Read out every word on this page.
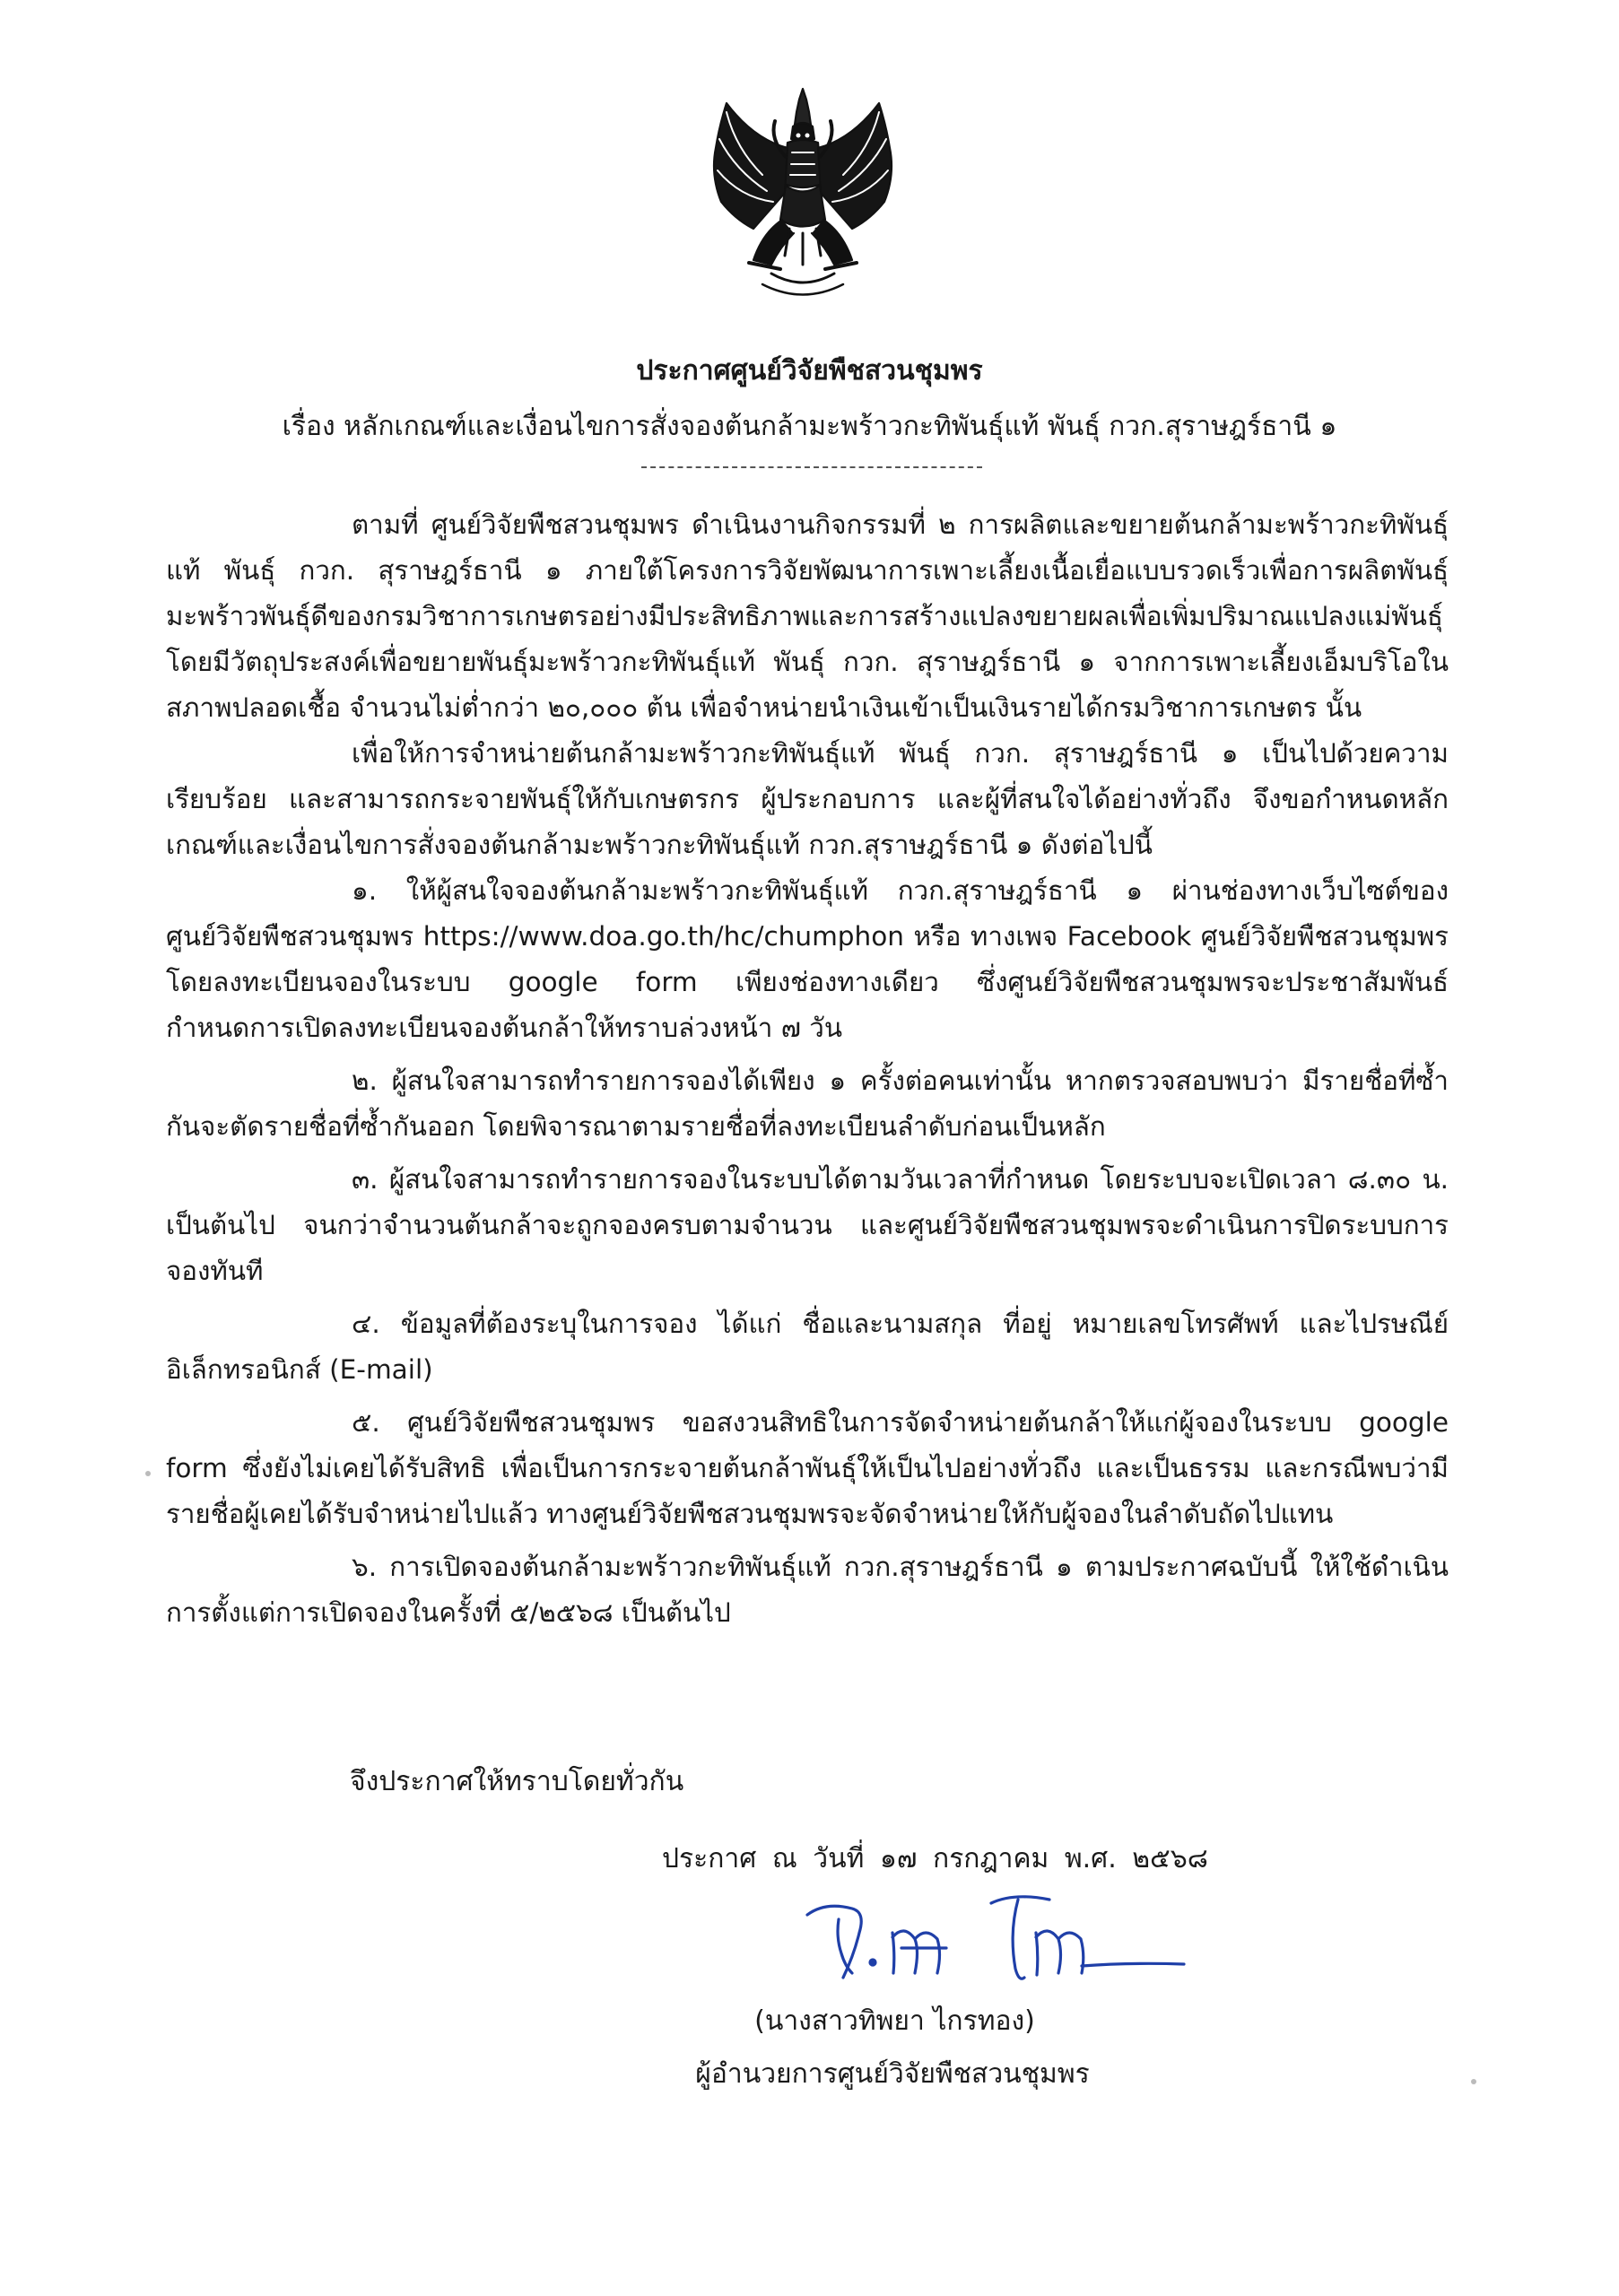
ประกาศศูนย์วิจัยพืชสวนชุมพร
เรื่อง หลักเกณฑ์และเงื่อนไขการสั่งจองต้นกล้ามะพร้าวกะทิพันธุ์แท้ พันธุ์ กวก.สุราษฎร์ธานี ๑

ตามที่ ศูนย์วิจัยพืชสวนชุมพร ดำเนินงานกิจกรรมที่ ๒ การผลิตและขยายต้นกล้ามะพร้าวกะทิพันธุ์แท้ พันธุ์ กวก. สุราษฎร์ธานี ๑ ภายใต้โครงการวิจัยพัฒนาการเพาะเลี้ยงเนื้อเยื่อแบบรวดเร็วเพื่อการผลิตพันธุ์มะพร้าวพันธุ์ดีของกรมวิชาการเกษตรอย่างมีประสิทธิภาพและการสร้างแปลงขยายผลเพื่อเพิ่มปริมาณแปลงแม่พันธุ์ โดยมีวัตถุประสงค์เพื่อขยายพันธุ์มะพร้าวกะทิพันธุ์แท้ พันธุ์ กวก. สุราษฎร์ธานี ๑ จากการเพาะเลี้ยงเอ็มบริโอในสภาพปลอดเชื้อ จำนวนไม่ต่ำกว่า ๒๐,๐๐๐ ต้น เพื่อจำหน่ายนำเงินเข้าเป็นเงินรายได้กรมวิชาการเกษตร นั้น

เพื่อให้การจำหน่ายต้นกล้ามะพร้าวกะทิพันธุ์แท้ พันธุ์ กวก. สุราษฎร์ธานี ๑ เป็นไปด้วยความเรียบร้อย และสามารถกระจายพันธุ์ให้กับเกษตรกร ผู้ประกอบการ และผู้ที่สนใจได้อย่างทั่วถึง จึงขอกำหนดหลักเกณฑ์และเงื่อนไขการสั่งจองต้นกล้ามะพร้าวกะทิพันธุ์แท้ กวก.สุราษฎร์ธานี ๑ ดังต่อไปนี้

๑. ให้ผู้สนใจจองต้นกล้ามะพร้าวกะทิพันธุ์แท้ กวก.สุราษฎร์ธานี ๑ ผ่านช่องทางเว็บไซต์ของศูนย์วิจัยพืชสวนชุมพร https://www.doa.go.th/hc/chumphon หรือ ทางเพจ Facebook ศูนย์วิจัยพืชสวนชุมพร โดยลงทะเบียนจองในระบบ google form เพียงช่องทางเดียว ซึ่งศูนย์วิจัยพืชสวนชุมพรจะประชาสัมพันธ์กำหนดการเปิดลงทะเบียนจองต้นกล้าให้ทราบล่วงหน้า ๗ วัน

๒. ผู้สนใจสามารถทำรายการจองได้เพียง ๑ ครั้งต่อคนเท่านั้น หากตรวจสอบพบว่า มีรายชื่อที่ซ้ำกันจะตัดรายชื่อที่ซ้ำกันออก โดยพิจารณาตามรายชื่อที่ลงทะเบียนลำดับก่อนเป็นหลัก

๓. ผู้สนใจสามารถทำรายการจองในระบบได้ตามวันเวลาที่กำหนด โดยระบบจะเปิดเวลา ๘.๓๐ น. เป็นต้นไป จนกว่าจำนวนต้นกล้าจะถูกจองครบตามจำนวน และศูนย์วิจัยพืชสวนชุมพรจะดำเนินการปิดระบบการจองทันที

๔. ข้อมูลที่ต้องระบุในการจอง ได้แก่ ชื่อและนามสกุล ที่อยู่ หมายเลขโทรศัพท์ และไปรษณีย์อิเล็กทรอนิกส์ (E-mail)

๕. ศูนย์วิจัยพืชสวนชุมพร ขอสงวนสิทธิในการจัดจำหน่ายต้นกล้าให้แก่ผู้จองในระบบ google form ซึ่งยังไม่เคยได้รับสิทธิ เพื่อเป็นการกระจายต้นกล้าพันธุ์ให้เป็นไปอย่างทั่วถึง และเป็นธรรม และกรณีพบว่ามีรายชื่อผู้เคยได้รับจำหน่ายไปแล้ว ทางศูนย์วิจัยพืชสวนชุมพรจะจัดจำหน่ายให้กับผู้จองในลำดับถัดไปแทน

๖. การเปิดจองต้นกล้ามะพร้าวกะทิพันธุ์แท้ กวก.สุราษฎร์ธานี ๑ ตามประกาศฉบับนี้ ให้ใช้ดำเนินการตั้งแต่การเปิดจองในครั้งที่ ๕/๒๕๖๘ เป็นต้นไป

จึงประกาศให้ทราบโดยทั่วกัน
ประกาศ ณ วันที่ ๑๗ กรกฎาคม พ.ศ. ๒๕๖๘
(นางสาวทิพยา ไกรทอง)
ผู้อำนวยการศูนย์วิจัยพืชสวนชุมพร
